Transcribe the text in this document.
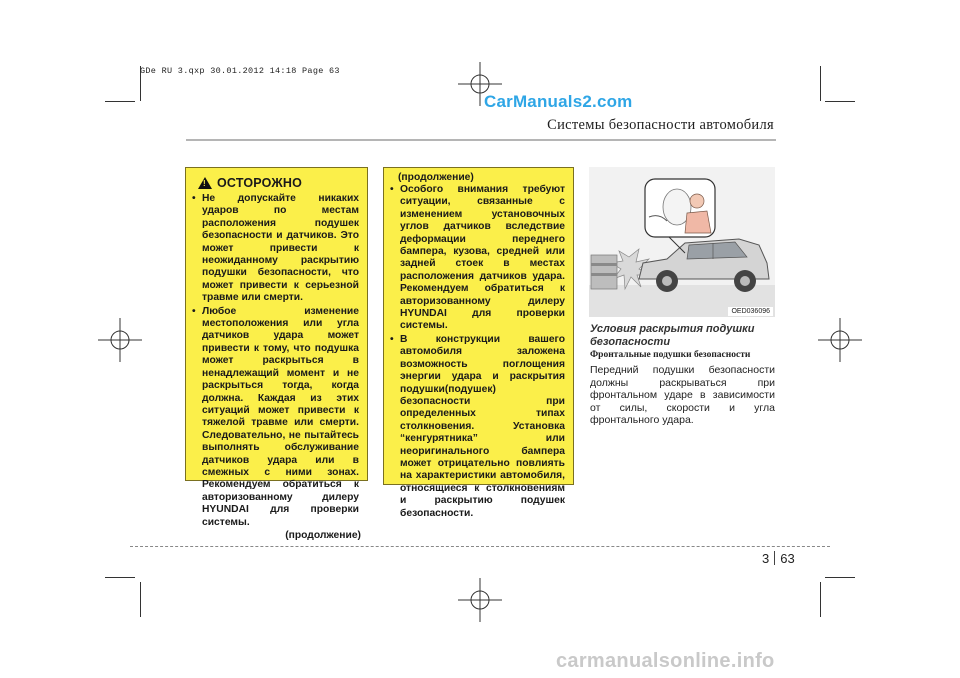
GDe RU 3.qxp 30.01.2012 14:18 Page 63
CarManuals2.com
Системы безопасности автомобиля
!
ОСТОРОЖНО
• Не допускайте никаких ударов по местам расположения подушек безопасности и датчиков. Это может привести к неожиданному раскрытию подушки безопасности, что может привести к серьезной травме или смерти.
• Любое изменение местоположения или угла датчиков удара может привести к тому, что подушка может раскрыться в ненадлежащий момент и не раскрыться тогда, когда должна. Каждая из этих ситуаций может привести к тяжелой травме или смерти. Следовательно, не пытайтесь выполнять обслуживание датчиков удара или в смежных с ними зонах. Рекомендуем обратиться к авторизованному дилеру HYUNDAI для проверки системы.
(продолжение)
(продолжение)
• Особого внимания требуют ситуации, связанные с изменением установочных углов датчиков вследствие деформации переднего бампера, кузова, средней или задней стоек в местах расположения датчиков удара. Рекомендуем обратиться к авторизованному дилеру HYUNDAI для проверки системы.
• В конструкции вашего автомобиля заложена возможность поглощения энергии удара и раскрытия подушки(подушек) безопасности при определенных типах столкновения. Установка “кенгурятника” или неоригинального бампера может отрицательно повлиять на характеристики автомобиля, относящиеся к столкновениям и раскрытию подушек безопасности.
OED036096
Условия раскрытия подушки безопасности
Фронтальные подушки безопасности
Передний подушки безопасности должны раскрываться при фронтальном ударе в зависимости от силы, скорости и угла фронтального удара.
3 63
carmanualsonline.info
